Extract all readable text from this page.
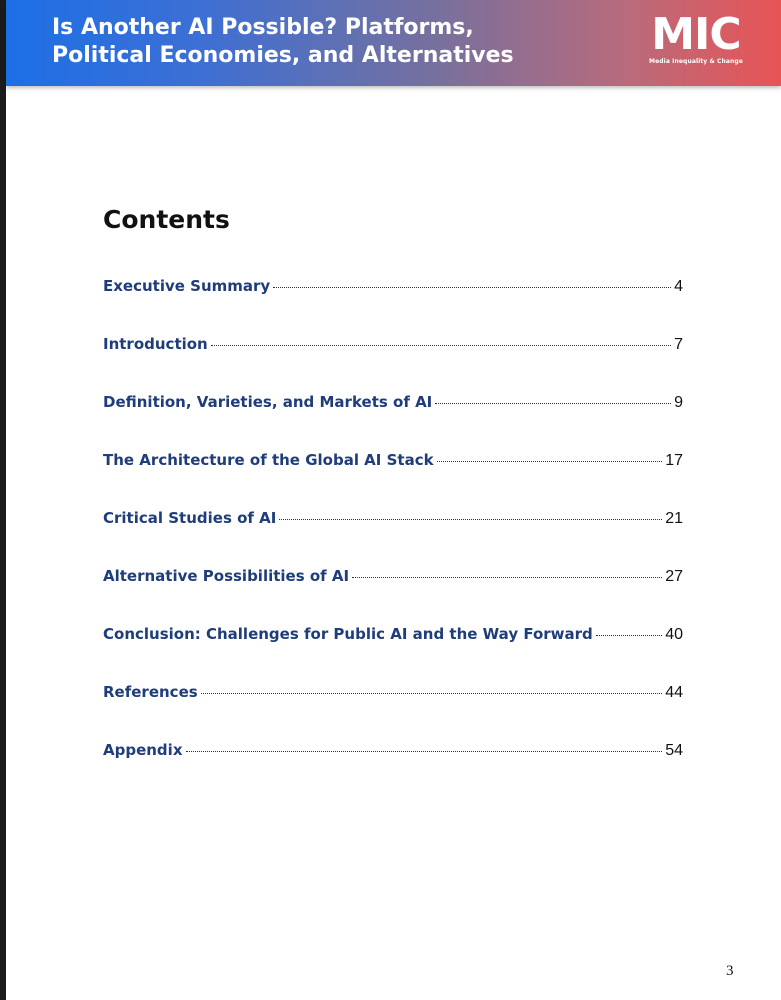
Is Another AI Possible? Platforms,
Political Economies, and Alternatives	MIC
Media Inequality & Change
Contents
Executive Summary	4
Introduction	7
Definition, Varieties, and Markets of AI	9
The Architecture of the Global AI Stack	17
Critical Studies of AI	21
Alternative Possibilities of AI	27
Conclusion: Challenges for Public AI and the Way Forward	40
References	44
Appendix	54
3
